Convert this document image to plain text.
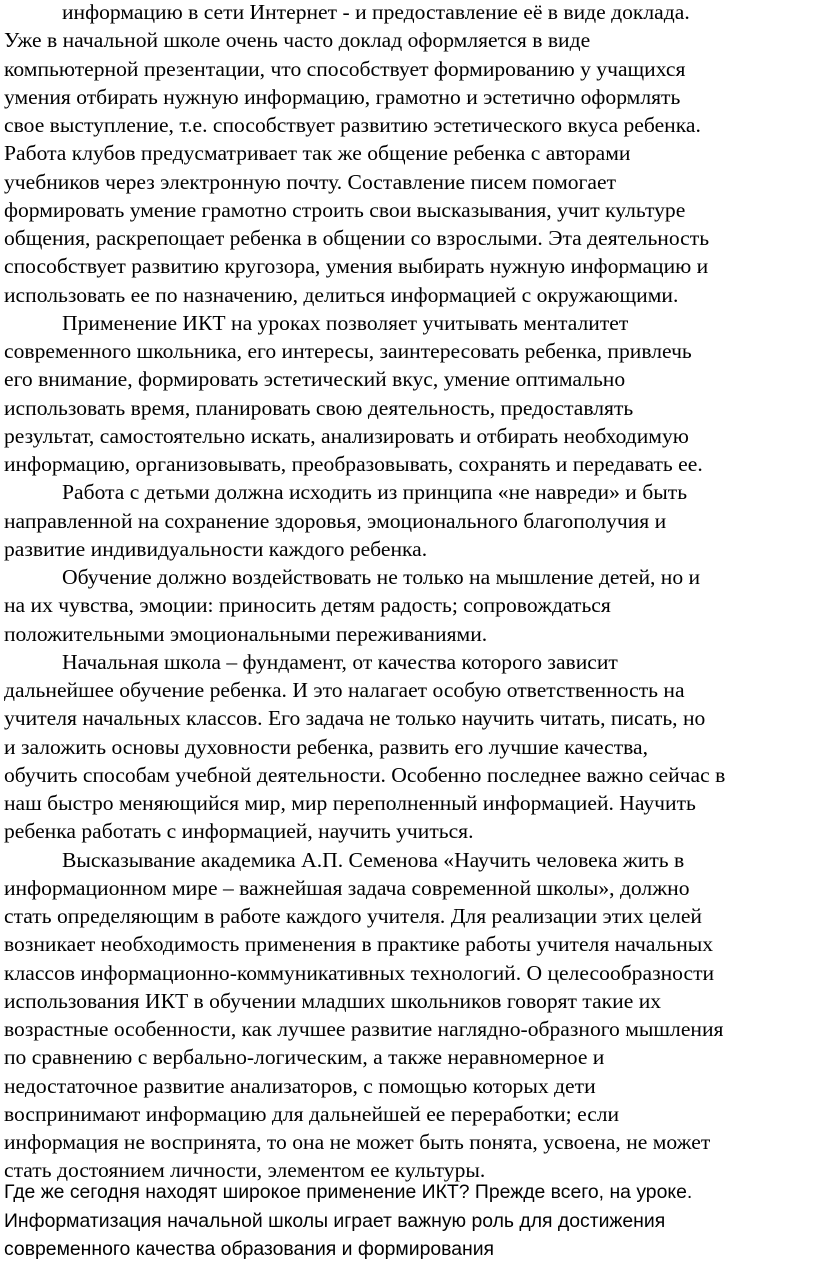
информацию в сети Интернет - и предоставление её в виде доклада.
Уже в начальной школе очень часто доклад оформляется в виде
компьютерной презентации, что способствует формированию у учащихся
умения отбирать нужную информацию, грамотно и эстетично оформлять
свое выступление, т.е. способствует развитию эстетического вкуса ребенка.
Работа клубов предусматривает так же общение ребенка с авторами
учебников через электронную почту. Составление писем помогает
формировать умение грамотно строить свои высказывания, учит культуре
общения, раскрепощает ребенка в общении со взрослыми. Эта деятельность
способствует развитию кругозора, умения выбирать нужную информацию и
использовать ее по назначению, делиться информацией с окружающими.
Применение ИКТ на уроках позволяет учитывать менталитет
современного школьника, его интересы, заинтересовать ребенка, привлечь
его внимание, формировать эстетический вкус, умение оптимально
использовать время, планировать свою деятельность, предоставлять
результат, самостоятельно искать, анализировать и отбирать необходимую
информацию, организовывать, преобразовывать, сохранять и передавать ее.
Работа с детьми должна исходить из принципа «не навреди» и быть
направленной на сохранение здоровья, эмоционального благополучия и
развитие индивидуальности каждого ребенка.
Обучение должно воздействовать не только на мышление детей, но и
на их чувства, эмоции: приносить детям радость; сопровождаться
положительными эмоциональными переживаниями.
Начальная школа – фундамент, от качества которого зависит
дальнейшее обучение ребенка. И это налагает особую ответственность на
учителя начальных классов. Его задача не только научить читать, писать, но
и заложить основы духовности ребенка, развить его лучшие качества,
обучить способам учебной деятельности. Особенно последнее важно сейчас в
наш быстро меняющийся мир, мир переполненный информацией. Научить
ребенка работать с информацией, научить учиться.
Высказывание академика А.П. Семенова «Научить человека жить в
информационном мире – важнейшая задача современной школы», должно
стать определяющим в работе каждого учителя. Для реализации этих целей
возникает необходимость применения в практике работы учителя начальных
классов информационно-коммуникативных технологий. О целесообразности
использования ИКТ в обучении младших школьников говорят такие их
возрастные особенности, как лучшее развитие наглядно-образного мышления
по сравнению с вербально-логическим, а также неравномерное и
недостаточное развитие анализаторов, с помощью которых дети
воспринимают информацию для дальнейшей ее переработки; если
информация не воспринята, то она не может быть понята, усвоена, не может
стать достоянием личности, элементом ее культуры.
Где же сегодня находят широкое применение ИКТ? Прежде всего, на уроке.
Информатизация начальной школы играет важную роль для достижения
современного качества образования и формирования
